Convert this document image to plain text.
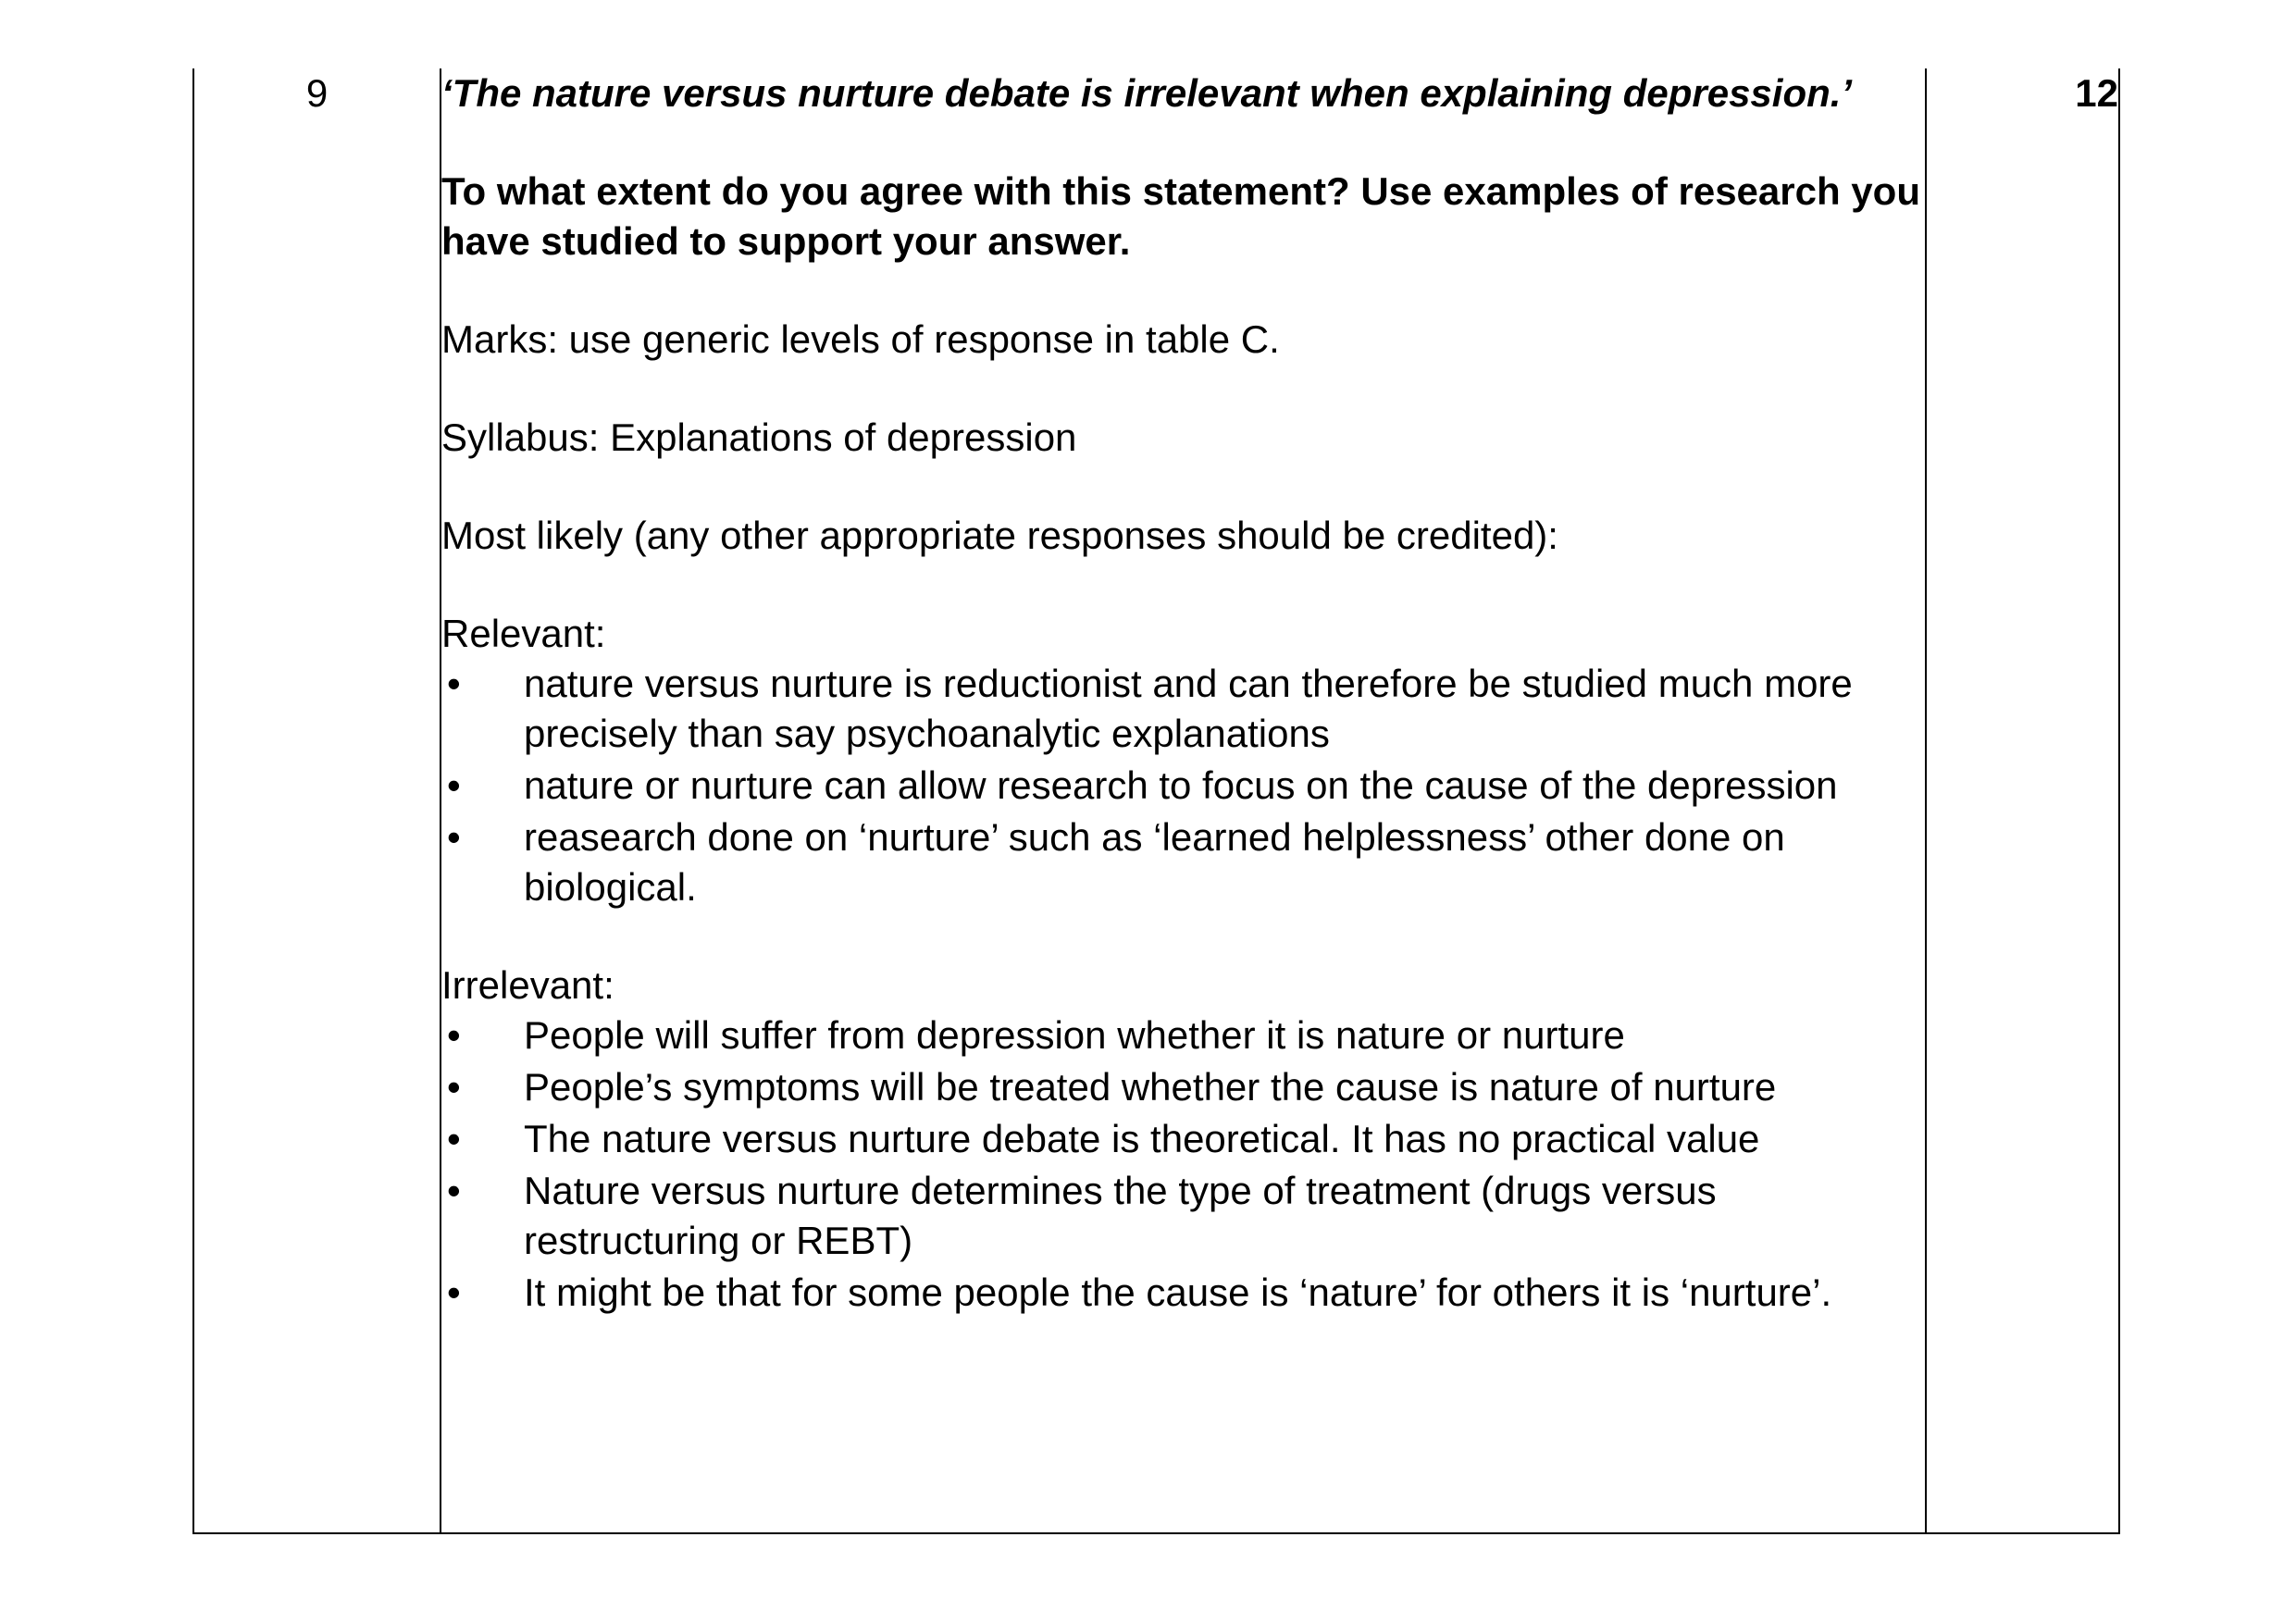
9	‘The nature versus nurture debate is irrelevant when explaining depression.’

To what extent do you agree with this statement? Use examples of research you have studied to support your answer.

Marks: use generic levels of response in table C.

Syllabus: Explanations of depression

Most likely (any other appropriate responses should be credited):

Relevant:

•	nature versus nurture is reductionist and can therefore be studied much more precisely than say psychoanalytic explanations
•	nature or nurture can allow research to focus on the cause of the depression
•	reasearch done on ‘nurture’ such as ‘learned helplessness’ other done on biological.

Irrelevant:

•	People will suffer from depression whether it is nature or nurture
•	People’s symptoms will be treated whether the cause is nature of nurture
•	The nature versus nurture debate is theoretical. It has no practical value
•	Nature versus nurture determines the type of treatment (drugs versus restructuring or REBT)
•	It might be that for some people the cause is ‘nature’ for others it is ‘nurture’.
	12
